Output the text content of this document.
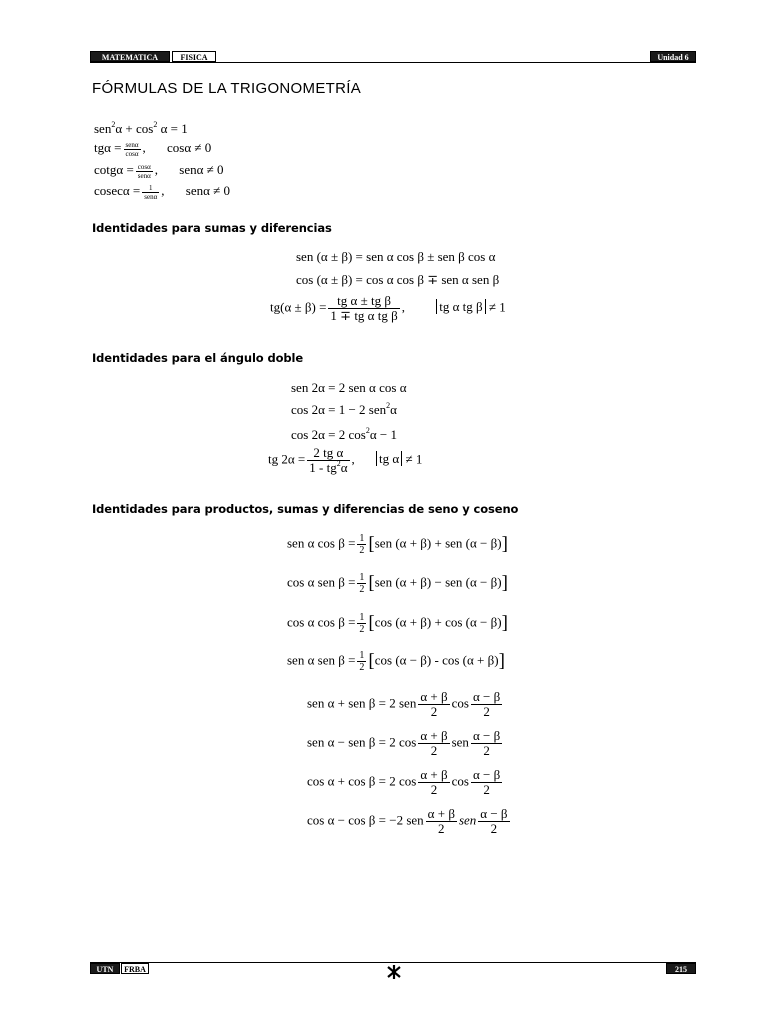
MATEMATICA	FISICA	Unidad 6
FÓRMULAS DE LA TRIGONOMETRÍA
$sen^2\alpha + \cos^2 \alpha = 1$
$tg\alpha = \frac{\text{senα}}{\cos\alpha}$ , cosα ≠ 0
$\cot g\alpha = \frac{\cos\alpha}{\text{senα}}$ , senα ≠ 0
$cosec\alpha = \frac{1}{\text{senα}}$ , senα ≠ 0
Identidades para sumas y diferencias
sen (α ± β) = sen α cos β ± sen β cos α
cos (α ± β) = cos α cos β ∓ sen α sen β
$tg(\alpha \pm \beta) = \frac{\text{tg α ± tg β}}{\text{1 ∓ tg α tg β}}$ , tg α tg β ≠ 1
Identidades para el ángulo doble
sen 2α = 2 sen α cos α
cos 2α = 1 − 2 sen$^2$α
cos 2α = 2 $\cos^2\alpha - 1$
tg $2\alpha = \frac{\text{2 tg α}}{1 - tg^2\alpha}$ , tg α ≠ 1
Identidades para productos, sumas y diferencias de seno y coseno
sen α $\cos \beta = \frac{1}{2} [sen$ (α + β) + sen (α − β)]
cos α sen $\beta = \frac{1}{2} [sen$ (α + β) − sen (α − β)]
cos α $\cos \beta = \frac{1}{2} [\cos$ (α + β) + cos (α − β)]
sen α sen $\beta = \frac{1}{2} [\cos$ (α − β) - cos (α + β)]
sen α + sen β = 2 sen $\frac{\alpha + \beta}{2}$ $\cos \frac{\alpha - \beta}{2}$
sen α − sen β = 2 $\cos \frac{\alpha + \beta}{2}$ sen $\frac{\alpha - \beta}{2}$
cos α + cos β = 2 $\cos \frac{\alpha + \beta}{2}$ $\cos \frac{\alpha - \beta}{2}$
cos α − cos β = −2 sen $\frac{\alpha + \beta}{2}$ sen $\frac{\alpha - \beta}{2}$
UTN	FRBA	215
